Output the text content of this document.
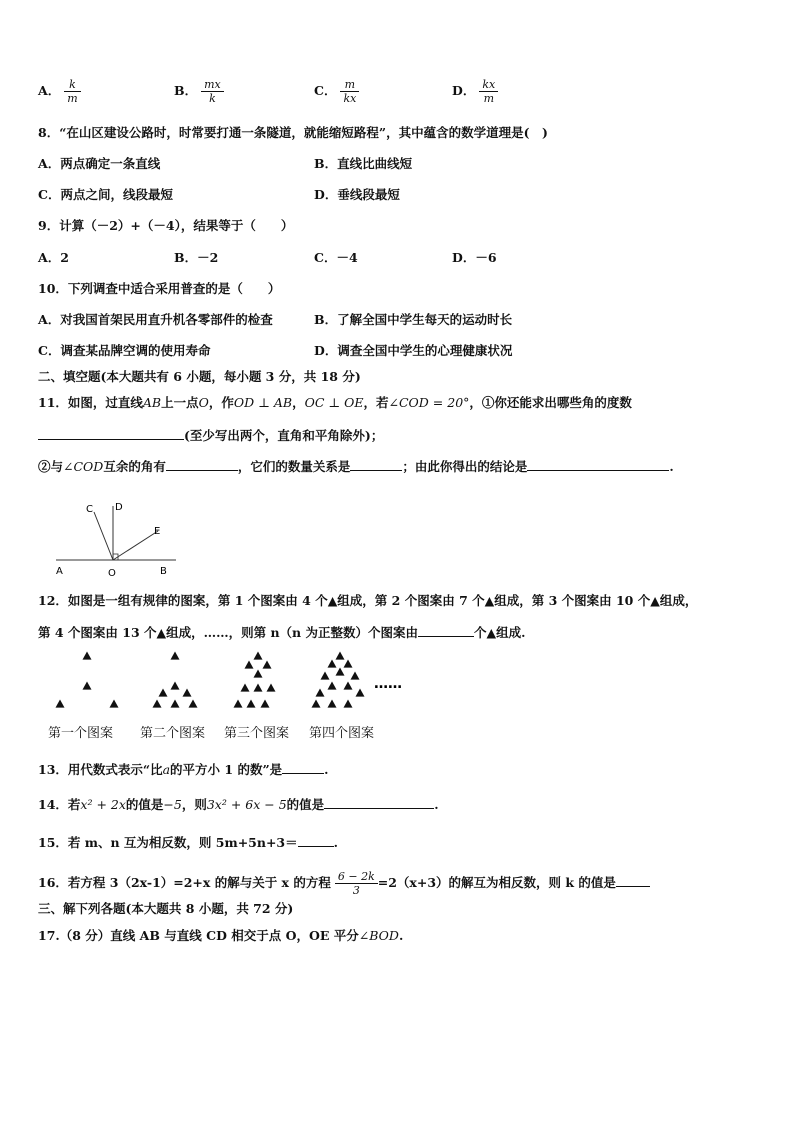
A． $\frac{k}{m}$	B． $\frac{mx}{k}$	C． $\frac{m}{kx}$	D． $\frac{kx}{m}$
8．“在山区建设公路时，时常要打通一条隧道，就能缩短路程”，其中蕴含的数学道理是(　)
A．两点确定一条直线	B．直线比曲线短
C．两点之间，线段最短	D．垂线段最短
9．计算（－2）+（－4），结果等于（　　）
A．2	B．－2	C．－4	D．－6
10．下列调查中适合采用普查的是（　　）
A．对我国首架民用直升机各零部件的检查	B．了解全国中学生每天的运动时长
C．调查某品牌空调的使用寿命	D．调查全国中学生的心理健康状况
二、填空题(本大题共有 6 小题，每小题 3 分，共 18 分)
11．如图，过直线AB上一点O，作OD ⊥ AB，OC ⊥ OE，若∠COD = 20°，①你还能求出哪些角的度数
(至少写出两个，直角和平角除外)；
②与∠COD互余的角有	，它们的数量关系是	；由此你得出的结论是	.
A	O	B
C D
E
12．如图是一组有规律的图案，第 1 个图案由 4 个▲组成，第 2 个图案由 7 个▲组成，第 3 个图案由 10 个▲组成，
第 4 个图案由 13 个▲组成，……，则第 n（n 为正整数）个图案由	个▲组成.
……
第一个图案 第二个图案 第三个图案 第四个图案
13．用代数式表示“比a的平方小 1 的数”是	.
14．若x² + 2x的值是−5，则3x² + 6x − 5的值是	.
15．若 m、n 互为相反数，则 5m+5n+3＝	.
16．若方程 3（2x-1）=2+x 的解与关于 x 的方程 $\frac{6 - 2k}{3} =2(x+3)$的解互为相反数，则 k 的值是
三、解下列各题(本大题共 8 小题，共 72 分)
17.（8 分）直线 AB 与直线 CD 相交于点 O，OE 平分∠BOD.
